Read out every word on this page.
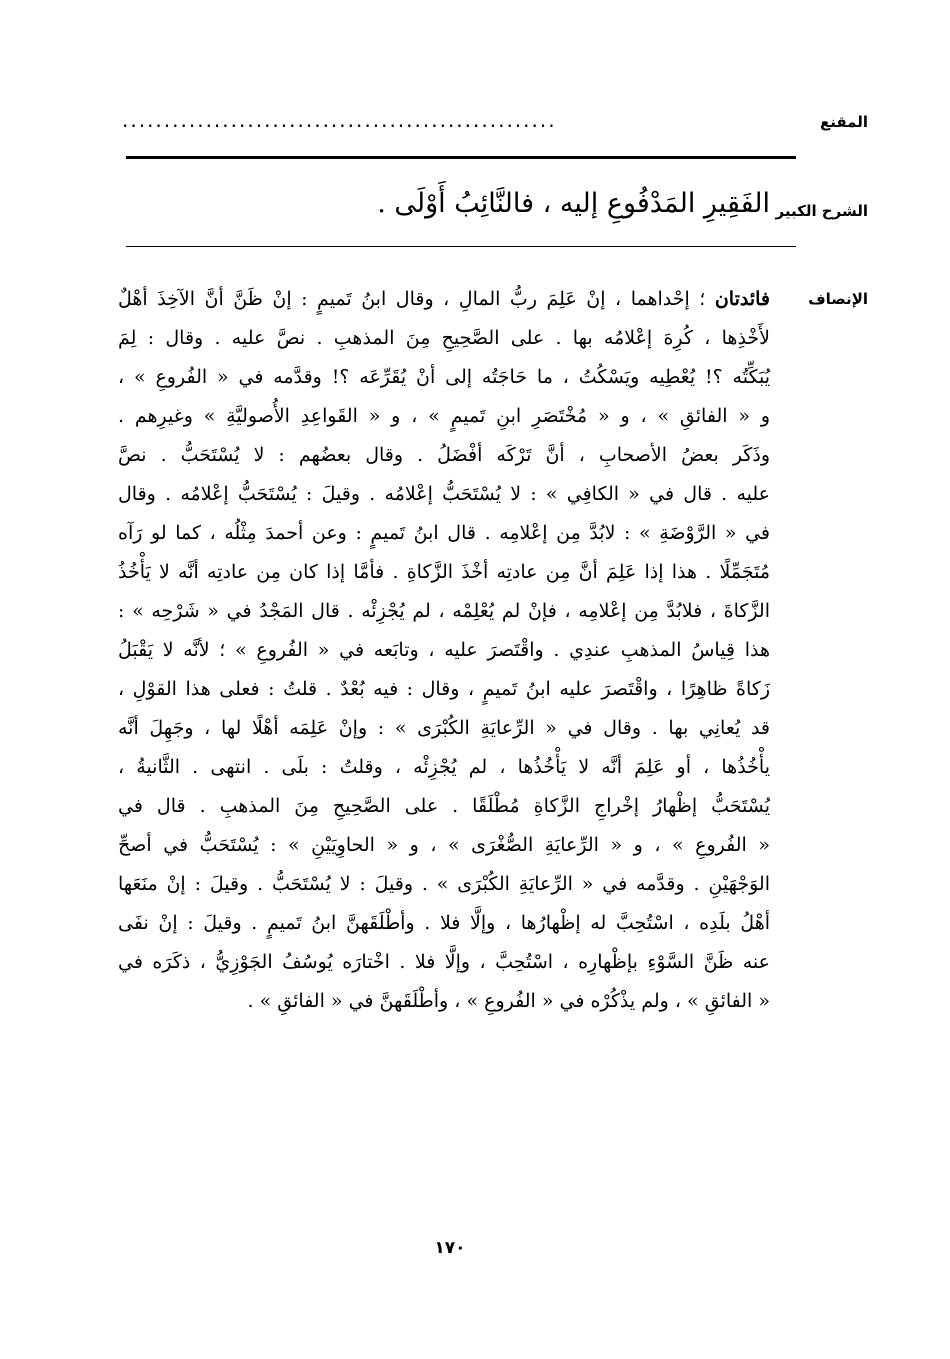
المقنع
....................................................
الشرح الكبير
الفَقِيرِ المَدْفُوعِ إليه ، فالنَّائِبُ أَوْلَى .
الإنصاف
فائدتان ؛ إحْداهما ، إنْ عَلِمَ ربُّ المالِ ، وقال ابنُ تَميمٍ : إنْ ظَنَّ أنَّ الآخِذَ أهْلٌ
لأَخْذِها ، كُرِهَ إعْلامُه بها . على الصَّحِيحِ مِنَ المذهبِ . نصَّ عليه . وقال : لِمَ
يُبَكِّتُه ؟! يُعْطِيه ويَسْكُتُ ، ما حَاجَتُه إلى أنْ يُقَرِّعَه ؟! وقدَّمه في « الفُروعِ » ،
و « الفائقِ » ، و « مُخْتَصَرِ ابنِ تَميمٍ » ، و « القَواعِدِ الأُصوليَّةِ » وغيرِهم .
وذَكَر بعضُ الأصحابِ ، أنَّ تَرْكَه أفْضَلُ . وقال بعضُهم : لا يُسْتَحَبُّ . نصَّ
عليه . قال في « الكافِي » : لا يُسْتَحَبُّ إعْلامُه . وقيلَ : يُسْتَحَبُّ إعْلامُه . وقال
في « الرَّوْضَةِ » : لابُدَّ مِن إعْلامِه . قال ابنُ تَميمٍ : وعن أحمدَ مِثْلُه ، كما لو رَآه
مُتَجَمِّلًا . هذا إذا عَلِمَ أنَّ مِن عادتِه أخْذَ الزَّكاةِ . فأمَّا إذا كان مِن عادتِه أنَّه لا يَأْخُذُ
الزَّكاةَ ، فلابُدَّ مِن إعْلامِه ، فإنْ لم يُعْلِمْه ، لم يُجْزِئْه . قال المَجْدُ في « شَرْحِه » :
هذا قِياسُ المذهبِ عندِي . واقْتَصرَ عليه ، وتابَعه في « الفُروعِ » ؛ لأنَّه لا يَقْبَلُ
زَكاةً ظاهِرًا ، واقْتَصرَ عليه ابنُ تَميمٍ ، وقال : فيه بُعْدٌ . قلتُ : فعلى هذا القوْلِ ،
قد يُعانِي بها . وقال في « الرِّعايَةِ الكُبْرَى » : وإنْ عَلِمَه أهْلًا لها ، وجَهِلَ أنَّه
يأْخُذُها ، أو عَلِمَ أنَّه لا يَأْخُذُها ، لم يُجْزِئْه ، وقلتُ : بلَى . انتهى . الثَّانيةُ ،
يُسْتَحَبُّ إظْهارُ إخْراجِ الزَّكاةِ مُطْلَقًا . على الصَّحِيحِ مِنَ المذهبِ . قال في
« الفُروعِ » ، و « الرِّعايَةِ الصُّغْرَى » ، و « الحاوِيَيْنِ » : يُسْتَحَبُّ في أصحِّ
الوَجْهَيْنِ . وقدَّمه في « الرِّعايَةِ الكُبْرَى » . وقيلَ : لا يُسْتَحَبُّ . وقيلَ : إنْ منَعَها
أهْلُ بلَدِه ، اسْتُحِبَّ له إظْهارُها ، وإلَّا فلا . وأطْلَقَهنَّ ابنُ تَميمٍ . وقيلَ : إنْ نفَى
عنه ظَنَّ السَّوْءِ بإظْهارِه ، اسْتُحِبَّ ، وإلَّا فلا . اخْتارَه يُوسُفُ الجَوْزِيُّ ، ذكَرَه في
« الفائقِ » ، ولم يذْكُرْه في « الفُروعِ » ، وأطْلَقَهنَّ في « الفائقِ » .
١٧٠
